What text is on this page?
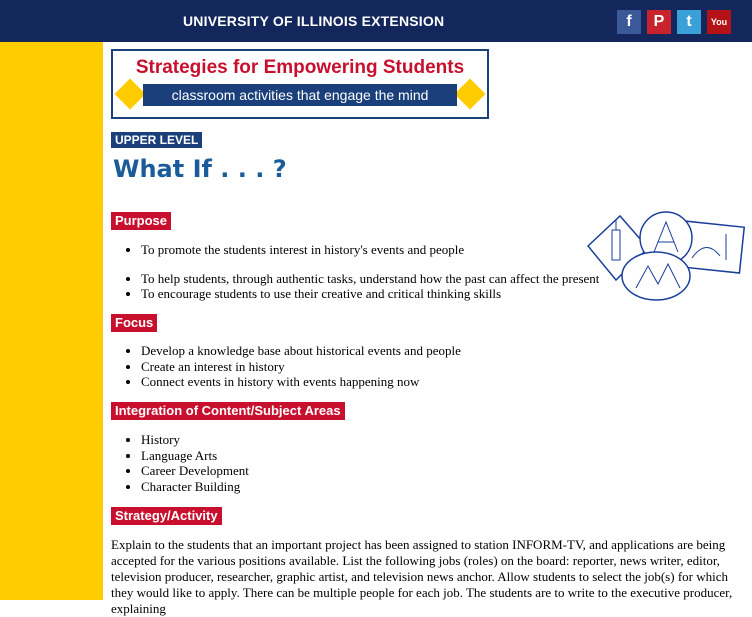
UNIVERSITY OF ILLINOIS EXTENSION	f	P	t	You
Strategies for Empowering Students
classroom activities that engage the mind
UPPER LEVEL
What If . . . ?
Purpose
• To promote the students interest in history's events and people
• To help students, through authentic tasks, understand how the past can affect the present
• To encourage students to use their creative and critical thinking skills
Focus
• Develop a knowledge base about historical events and people
• Create an interest in history
• Connect events in history with events happening now
Integration of Content/Subject Areas
• History
• Language Arts
• Career Development
• Character Building
Strategy/Activity
Explain to the students that an important project has been assigned to station INFORM-TV, and applications are being accepted for the various positions available. List the following jobs (roles) on the board: reporter, news writer, editor, television producer, researcher, graphic artist, and television news anchor. Allow students to select the job(s) for which they would like to apply. There can be multiple people for each job. The students are to write to the executive producer, explaining
